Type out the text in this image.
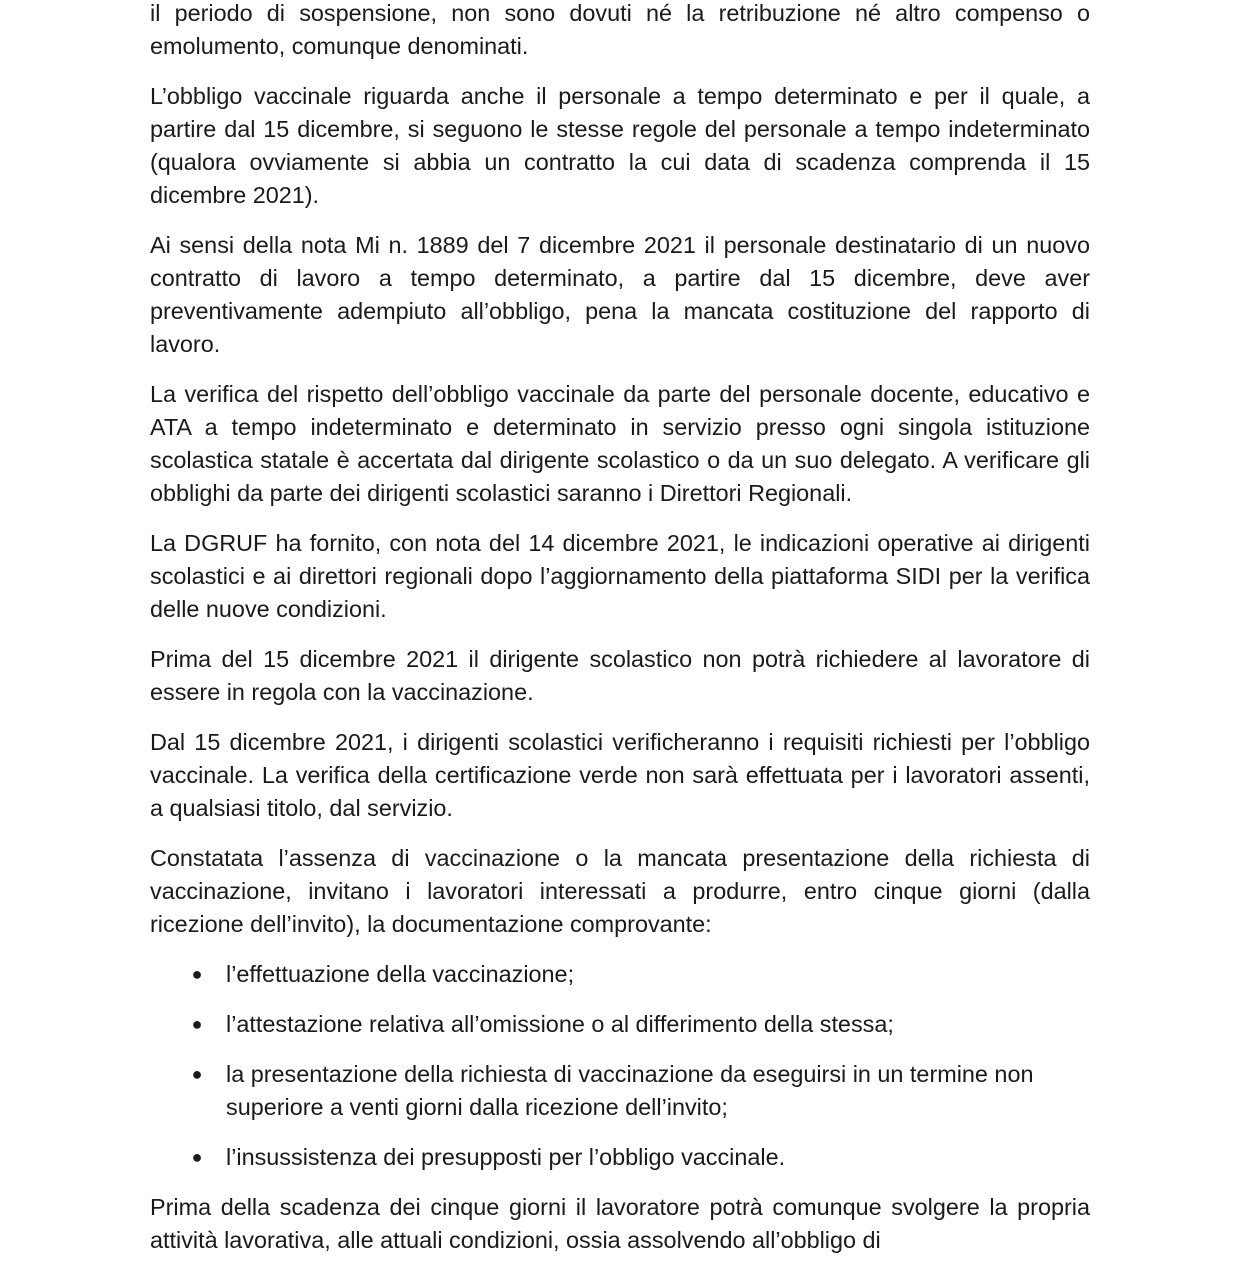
il periodo di sospensione, non sono dovuti né la retribuzione né altro compenso o emolumento, comunque denominati.

L’obbligo vaccinale riguarda anche il personale a tempo determinato e per il quale, a partire dal 15 dicembre, si seguono le stesse regole del personale a tempo indeterminato (qualora ovviamente si abbia un contratto la cui data di scadenza comprenda il 15 dicembre 2021).

Ai sensi della nota Mi n. 1889 del 7 dicembre 2021 il personale destinatario di un nuovo contratto di lavoro a tempo determinato, a partire dal 15 dicembre, deve aver preventivamente adempiuto all’obbligo, pena la mancata costituzione del rapporto di lavoro.

La verifica del rispetto dell’obbligo vaccinale da parte del personale docente, educativo e ATA a tempo indeterminato e determinato in servizio presso ogni singola istituzione scolastica statale è accertata dal dirigente scolastico o da un suo delegato. A verificare gli obblighi da parte dei dirigenti scolastici saranno i Direttori Regionali.

La DGRUF ha fornito, con nota del 14 dicembre 2021, le indicazioni operative ai dirigenti scolastici e ai direttori regionali dopo l’aggiornamento della piattaforma SIDI per la verifica delle nuove condizioni.

Prima del 15 dicembre 2021 il dirigente scolastico non potrà richiedere al lavoratore di essere in regola con la vaccinazione.

Dal 15 dicembre 2021, i dirigenti scolastici verificheranno i requisiti richiesti per l’obbligo vaccinale. La verifica della certificazione verde non sarà effettuata per i lavoratori assenti, a qualsiasi titolo, dal servizio.

Constatata l’assenza di vaccinazione o la mancata presentazione della richiesta di vaccinazione, invitano i lavoratori interessati a produrre, entro cinque giorni (dalla ricezione dell’invito), la documentazione comprovante:

● l’effettuazione della vaccinazione;
● l’attestazione relativa all’omissione o al differimento della stessa;
● la presentazione della richiesta di vaccinazione da eseguirsi in un termine non superiore a venti giorni dalla ricezione dell’invito;
● l’insussistenza dei presupposti per l’obbligo vaccinale.

Prima della scadenza dei cinque giorni il lavoratore potrà comunque svolgere la propria attività lavorativa, alle attuali condizioni, ossia assolvendo all’obbligo di
